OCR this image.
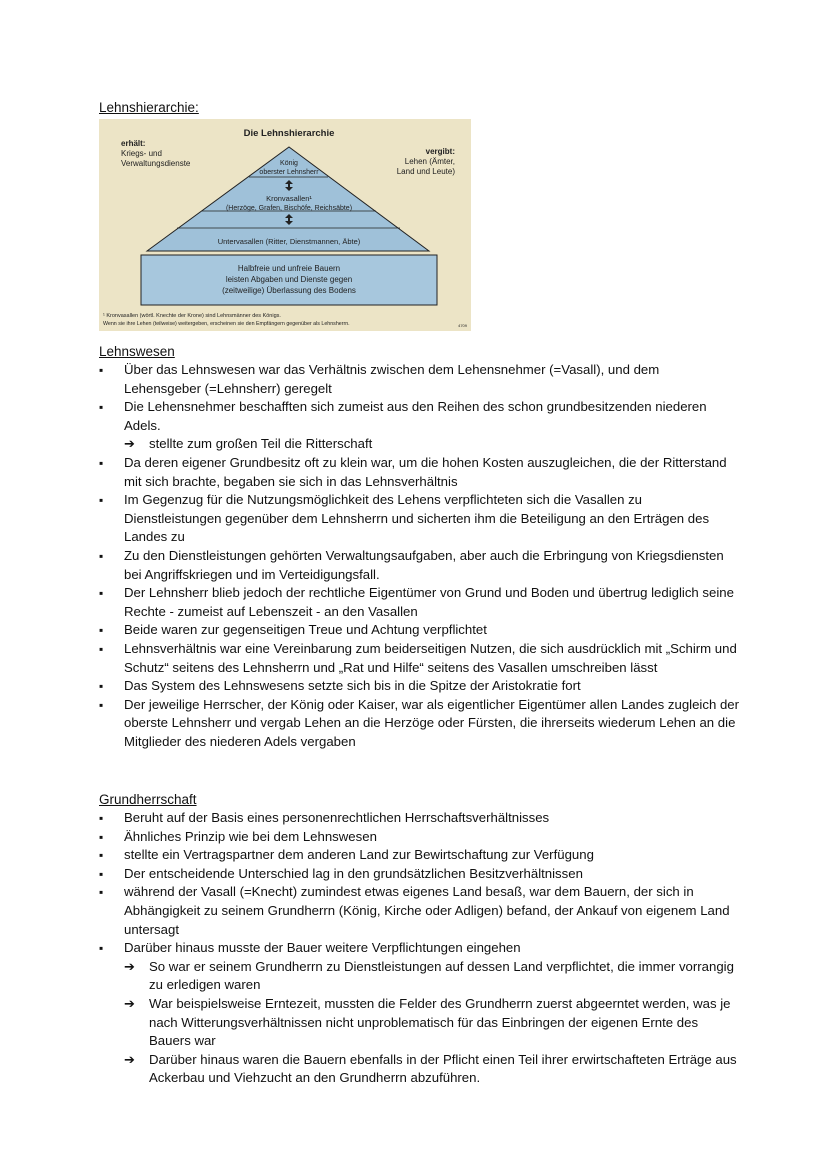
Lehnshierarchie:
Die Lehnshierarchie
erhält:
Kriegs- und
Verwaltungsdienste
vergibt:
Lehen (Ämter,
Land und Leute)
König
oberster Lehnsherr
Kronvasallen¹
(Herzöge, Grafen, Bischöfe, Reichsäbte)
Untervasallen (Ritter, Dienstmannen, Äbte)
Halbfreie und unfreie Bauern
leisten Abgaben und Dienste gegen
(zeitweilige) Überlassung des Bodens
¹ Kronvasallen (wörtl. Knechte der Krone) sind Lehnsmänner des Königs.
Wenn sie ihre Lehen (teilweise) weitergeben, erscheinen sie den Empfängern gegenüber als Lehnsherrn.	4709
Lehnswesen
▪ Über das Lehnswesen war das Verhältnis zwischen dem Lehensnehmer (=Vasall), und dem Lehensgeber (=Lehnsherr) geregelt
▪ Die Lehensnehmer beschafften sich zumeist aus den Reihen des schon grundbesitzenden niederen Adels.
➔ stellte zum großen Teil die Ritterschaft
▪ Da deren eigener Grundbesitz oft zu klein war, um die hohen Kosten auszugleichen, die der Ritterstand mit sich brachte, begaben sie sich in das Lehnsverhältnis
▪ Im Gegenzug für die Nutzungsmöglichkeit des Lehens verpflichteten sich die Vasallen zu Dienstleistungen gegenüber dem Lehnsherrn und sicherten ihm die Beteiligung an den Erträgen des Landes zu
▪ Zu den Dienstleistungen gehörten Verwaltungsaufgaben, aber auch die Erbringung von Kriegsdiensten bei Angriffskriegen und im Verteidigungsfall.
▪ Der Lehnsherr blieb jedoch der rechtliche Eigentümer von Grund und Boden und übertrug lediglich seine Rechte - zumeist auf Lebenszeit - an den Vasallen
▪ Beide waren zur gegenseitigen Treue und Achtung verpflichtet
▪ Lehnsverhältnis war eine Vereinbarung zum beiderseitigen Nutzen, die sich ausdrücklich mit „Schirm und Schutz“ seitens des Lehnsherrn und „Rat und Hilfe“ seitens des Vasallen umschreiben lässt
▪ Das System des Lehnswesens setzte sich bis in die Spitze der Aristokratie fort
▪ Der jeweilige Herrscher, der König oder Kaiser, war als eigentlicher Eigentümer allen Landes zugleich der oberste Lehnsherr und vergab Lehen an die Herzöge oder Fürsten, die ihrerseits wiederum Lehen an die Mitglieder des niederen Adels vergaben
Grundherrschaft
▪ Beruht auf der Basis eines personenrechtlichen Herrschaftsverhältnisses
▪ Ähnliches Prinzip wie bei dem Lehnswesen
▪ stellte ein Vertragspartner dem anderen Land zur Bewirtschaftung zur Verfügung
▪ Der entscheidende Unterschied lag in den grundsätzlichen Besitzverhältnissen
▪ während der Vasall (=Knecht) zumindest etwas eigenes Land besaß, war dem Bauern, der sich in Abhängigkeit zu seinem Grundherrn (König, Kirche oder Adligen) befand, der Ankauf von eigenem Land untersagt
▪ Darüber hinaus musste der Bauer weitere Verpflichtungen eingehen
➔ So war er seinem Grundherrn zu Dienstleistungen auf dessen Land verpflichtet, die immer vorrangig zu erledigen waren
➔ War beispielsweise Erntezeit, mussten die Felder des Grundherrn zuerst abgeerntet werden, was je nach Witterungsverhältnissen nicht unproblematisch für das Einbringen der eigenen Ernte des Bauers war
➔ Darüber hinaus waren die Bauern ebenfalls in der Pflicht einen Teil ihrer erwirtschafteten Erträge aus Ackerbau und Viehzucht an den Grundherrn abzuführen.
